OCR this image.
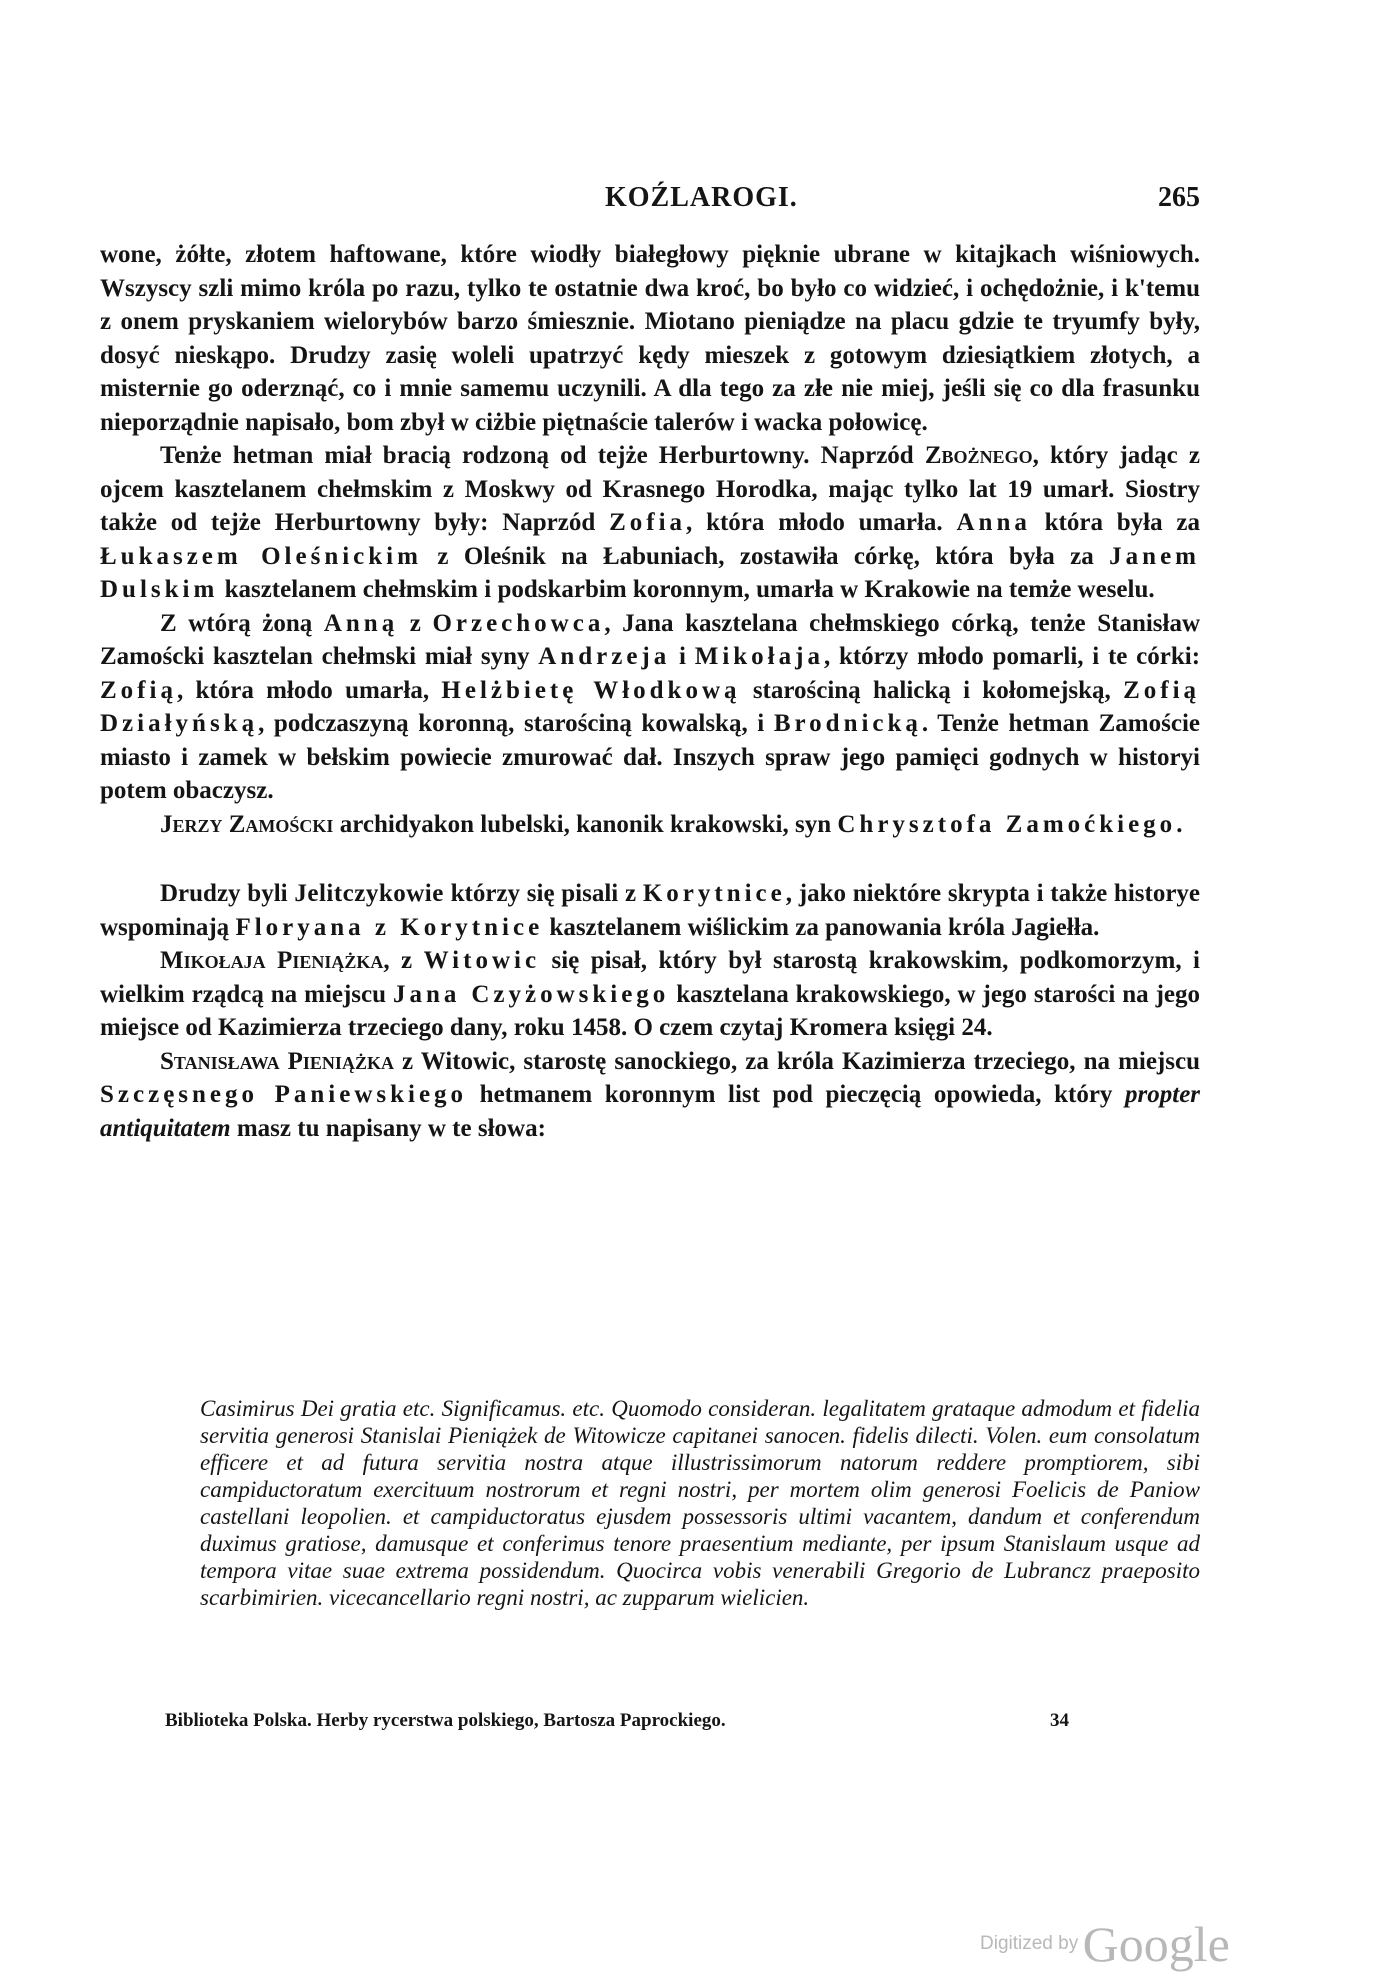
KOŹLAROGI.	265

wone, żółte, złotem haftowane, które wiodły białegłowy pięknie ubrane w kitajkach wiśniowych. Wszyscy szli mimo króla po razu, tylko te ostatnie dwa kroć, bo było co widzieć, i ochędożnie, i k'temu z onem pryskaniem wielorybów barzo śmiesznie. Miotano pieniądze na placu gdzie te tryumfy były, dosyć nieskąpo. Drudzy zasię woleli upatrzyć kędy mieszek z gotowym dziesiątkiem złotych, a misternie go oderznąć, co i mnie samemu uczynili. A dla tego za złe nie miej, jeśli się co dla frasunku nieporządnie napisało, bom zbył w ciżbie piętnaście talerów i wacka połowicę.

Tenże hetman miał bracią rodzoną od tejże Herburtowny. Naprzód Zbożnego, który jadąc z ojcem kasztelanem chełmskim z Moskwy od Krasnego Horodka, mając tylko lat 19 umarł. Siostry także od tejże Herburtowny były: Naprzód Zofia, która młodo umarła. Anna która była za Łukaszem Oleśnickim z Oleśnik na Łabuniach, zostawiła córkę, która była za Janem Dulskim kasztelanem chełmskim i podskarbim koronnym, umarła w Krakowie na temże weselu.

Z wtórą żoną Anną z Orzechowca, Jana kasztelana chełmskiego córką, tenże Stanisław Zamoścki kasztelan chełmski miał syny Andrzeja i Mikołaja, którzy młodo pomarli, i te córki: Zofią, która młodo umarła, Helżbietę Włodkową starościną halicką i kołomejską, Zofią Działyńską, podczaszyną koronną, starościną kowalską, i Brodnicką. Tenże hetman Zamoście miasto i zamek w bełskim powiecie zmurować dał. Inszych spraw jego pamięci godnych w historyi potem obaczysz.

Jerzy Zamoścki archidyakon lubelski, kanonik krakowski, syn Chrysztofa Zamoćkiego.

Drudzy byli Jelitczykowie którzy się pisali z Korytnice, jako niektóre skrypta i także historye wspominają Floryana z Korytnice kasztelanem wiślickim za panowania króla Jagiełła.

Mikołaja Pieniążka, z Witowic się pisał, który był starostą krakowskim, podkomorzym, i wielkim rządcą na miejscu Jana Czyżowskiego kasztelana krakowskiego, w jego starości na jego miejsce od Kazimierza trzeciego dany, roku 1458. O czem czytaj Kromera księgi 24.

Stanisława Pieniążka z Witowic, starostę sanockiego, za króla Kazimierza trzeciego, na miejscu Szczęsnego Paniewskiego hetmanem koronnym list pod pieczęcią opowieda, który propter antiquitatem masz tu napisany w te słowa:

Casimirus Dei gratia etc. Significamus. etc. Quomodo consideran. legalitatem grataque admodum et fidelia servitia generosi Stanislai Pieniążek de Witowicze capitanei sanocen. fidelis dilecti. Volen. eum consolatum efficere et ad futura servitia nostra atque illustrissimorum natorum reddere promptiorem, sibi campiductoratum exercituum nostrorum et regni nostri, per mortem olim generosi Foelicis de Paniow castellani leopolien. et campiductoratus ejusdem possessoris ultimi vacantem, dandum et conferendum duximus gratiose, damusque et conferimus tenore praesentium mediante, per ipsum Stanislaum usque ad tempora vitae suae extrema possidendum. Quocirca vobis venerabili Gregorio de Lubrancz praeposito scarbimirien. vicecancellario regni nostri, ac zupparum wielicien.
Biblioteka Polska. Herby rycerstwa polskiego, Bartosza Paprockiego.	34
Digitized by Google
